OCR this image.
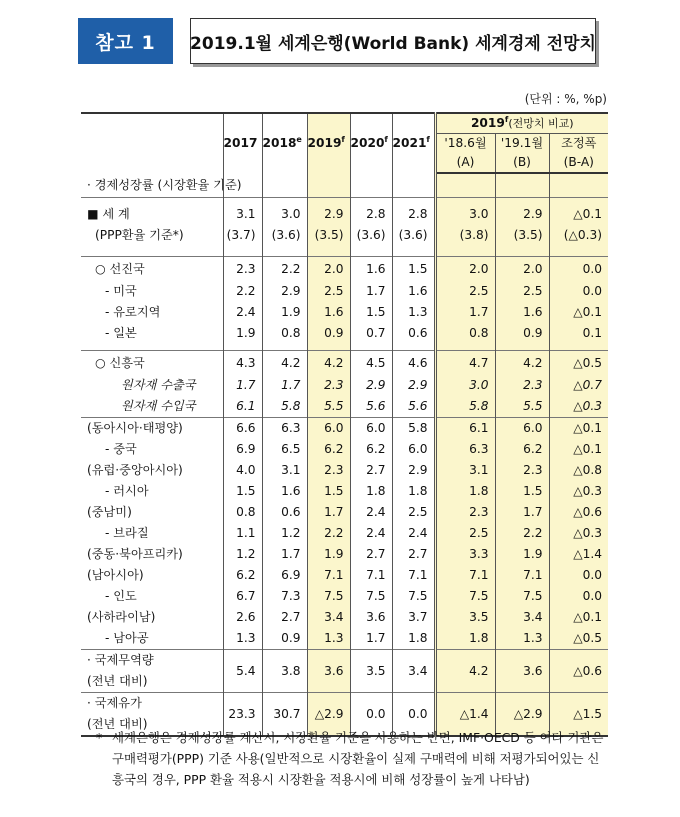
참고 1	2019.1월 세계은행(World Bank) 세계경제 전망치
(단위 : %, %p)
	2017	2018e	2019$^f$	2020$^f$	2021$^f$	2019$^f$(전망치 비교)		
						'18.6월	'19.1월	조정폭
						(A)	(B)	(B-A)
· 경제성장률 (시장환율 기준)								

■ 세 계	3.1	3.0	2.9	2.8	2.8	3.0	2.9	△0.1
(PPP환율 기준*)	(3.7)	(3.6)	(3.5)	(3.6)	(3.6)	(3.8)	(3.5)	(△0.3)

○ 선진국	2.3	2.2	2.0	1.6	1.5	2.0	2.0	0.0
- 미국	2.2	2.9	2.5	1.7	1.6	2.5	2.5	0.0
- 유로지역	2.4	1.9	1.6	1.5	1.3	1.7	1.6	△0.1
- 일본	1.9	0.8	0.9	0.7	0.6	0.8	0.9	0.1

○ 신흥국	4.3	4.2	4.2	4.5	4.6	4.7	4.2	△0.5
원자재 수출국	1.7	1.7	2.3	2.9	2.9	3.0	2.3	△0.7
원자재 수입국	6.1	5.8	5.5	5.6	5.6	5.8	5.5	△0.3
(동아시아·태평양)	6.6	6.3	6.0	6.0	5.8	6.1	6.0	△0.1
- 중국	6.9	6.5	6.2	6.2	6.0	6.3	6.2	△0.1
(유럽·중앙아시아)	4.0	3.1	2.3	2.7	2.9	3.1	2.3	△0.8
- 러시아	1.5	1.6	1.5	1.8	1.8	1.8	1.5	△0.3
(중남미)	0.8	0.6	1.7	2.4	2.5	2.3	1.7	△0.6
- 브라질	1.1	1.2	2.2	2.4	2.4	2.5	2.2	△0.3
(중동·북아프리카)	1.2	1.7	1.9	2.7	2.7	3.3	1.9	△1.4
(남아시아)	6.2	6.9	7.1	7.1	7.1	7.1	7.1	0.0
- 인도	6.7	7.3	7.5	7.5	7.5	7.5	7.5	0.0
(사하라이남)	2.6	2.7	3.4	3.6	3.7	3.5	3.4	△0.1
- 남아공	1.3	0.9	1.3	1.7	1.8	1.8	1.3	△0.5
· 국제무역량	5.4	3.8	3.6	3.5	3.4	4.2	3.6	△0.6
(전년 대비)								
· 국제유가	23.3	30.7	△2.9	0.0	0.0	△1.4	△2.9	△1.5
(전년 대비)								
* 세계은행은 경제성장률 계산시, 시장환율 기준을 사용하는 반면, IMF·OECD 등 여타 기관은 구매력평가(PPP) 기준 사용(일반적으로 시장환율이 실제 구매력에 비해 저평가되어있는 신흥국의 경우, PPP 환율 적용시 시장환율 적용시에 비해 성장률이 높게 나타남)
